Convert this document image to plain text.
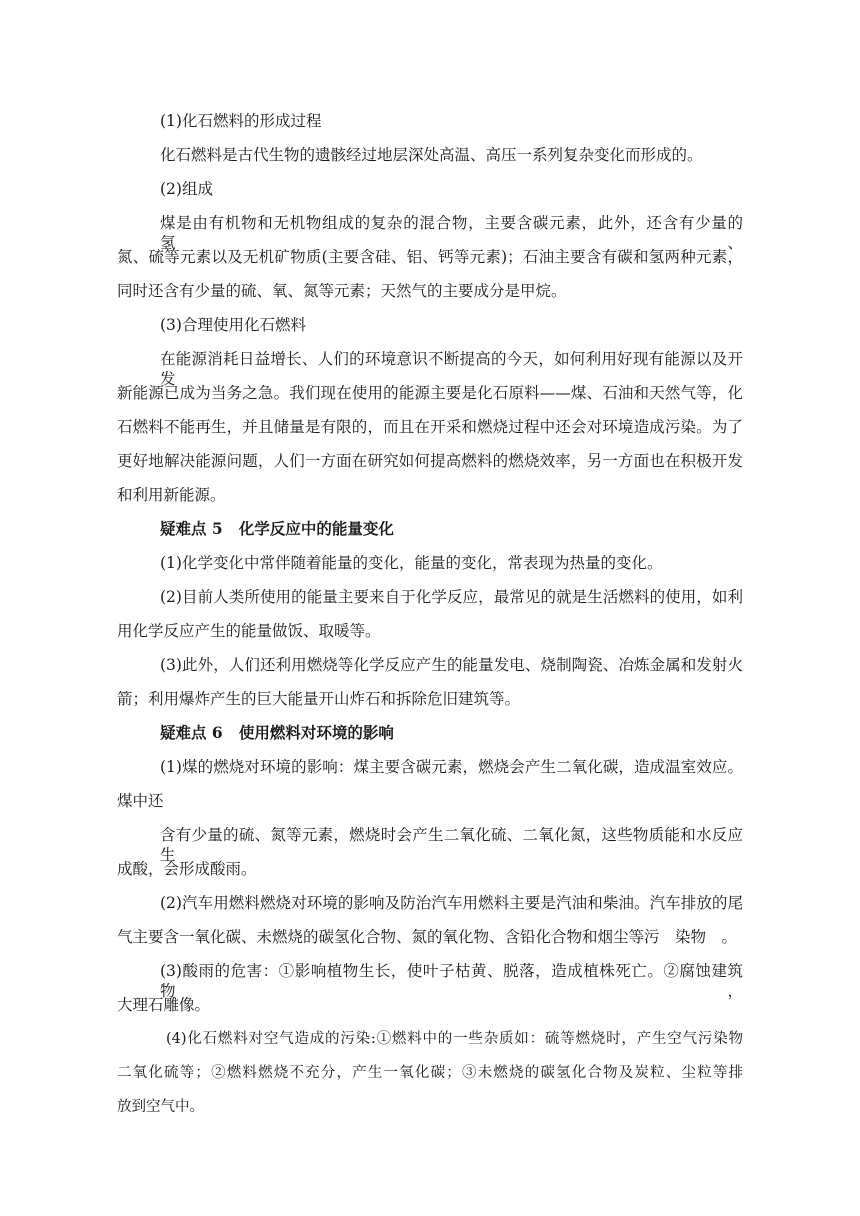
(1)化石燃料的形成过程
化石燃料是古代生物的遗骸经过地层深处高温、高压一系列复杂变化而形成的。
(2)组成
煤是由有机物和无机物组成的复杂的混合物，主要含碳元素，此外，还含有少量的氢、
氮、硫等元素以及无机矿物质(主要含硅、铝、钙等元素)；石油主要含有碳和氢两种元素，
同时还含有少量的硫、氧、氮等元素；天然气的主要成分是甲烷。
(3)合理使用化石燃料
在能源消耗日益增长、人们的环境意识不断提高的今天，如何利用好现有能源以及开发
新能源已成为当务之急。我们现在使用的能源主要是化石原料——煤、石油和天然气等，化
石燃料不能再生，并且储量是有限的，而且在开采和燃烧过程中还会对环境造成污染。为了
更好地解决能源问题，人们一方面在研究如何提高燃料的燃烧效率，另一方面也在积极开发
和利用新能源。
疑难点 5 化学反应中的能量变化
(1)化学变化中常伴随着能量的变化，能量的变化，常表现为热量的变化。
(2)目前人类所使用的能量主要来自于化学反应，最常见的就是生活燃料的使用，如利
用化学反应产生的能量做饭、取暖等。
(3)此外，人们还利用燃烧等化学反应产生的能量发电、烧制陶瓷、冶炼金属和发射火
箭；利用爆炸产生的巨大能量开山炸石和拆除危旧建筑等。
疑难点 6 使用燃料对环境的影响
(1)煤的燃烧对环境的影响：煤主要含碳元素，燃烧会产生二氧化碳，造成温室效应。
煤中还
含有少量的硫、氮等元素，燃烧时会产生二氧化硫、二氧化氮，这些物质能和水反应生
成酸，会形成酸雨。
(2)汽车用燃料燃烧对环境的影响及防治汽车用燃料主要是汽油和柴油。汽车排放的尾
气主要含一氧化碳、未燃烧的碳氢化合物、氮的氧化物、含铅化合物和烟尘等污　染物　。
(3)酸雨的危害：①影响植物生长，使叶子枯黄、脱落，造成植株死亡。②腐蚀建筑物，
大理石雕像。
(4)化石燃料对空气造成的污染:①燃料中的一些杂质如：硫等燃烧时，产生空气污染物
二氧化硫等；②燃料燃烧不充分，产生一氧化碳；③未燃烧的碳氢化合物及炭粒、尘粒等排
放到空气中。
